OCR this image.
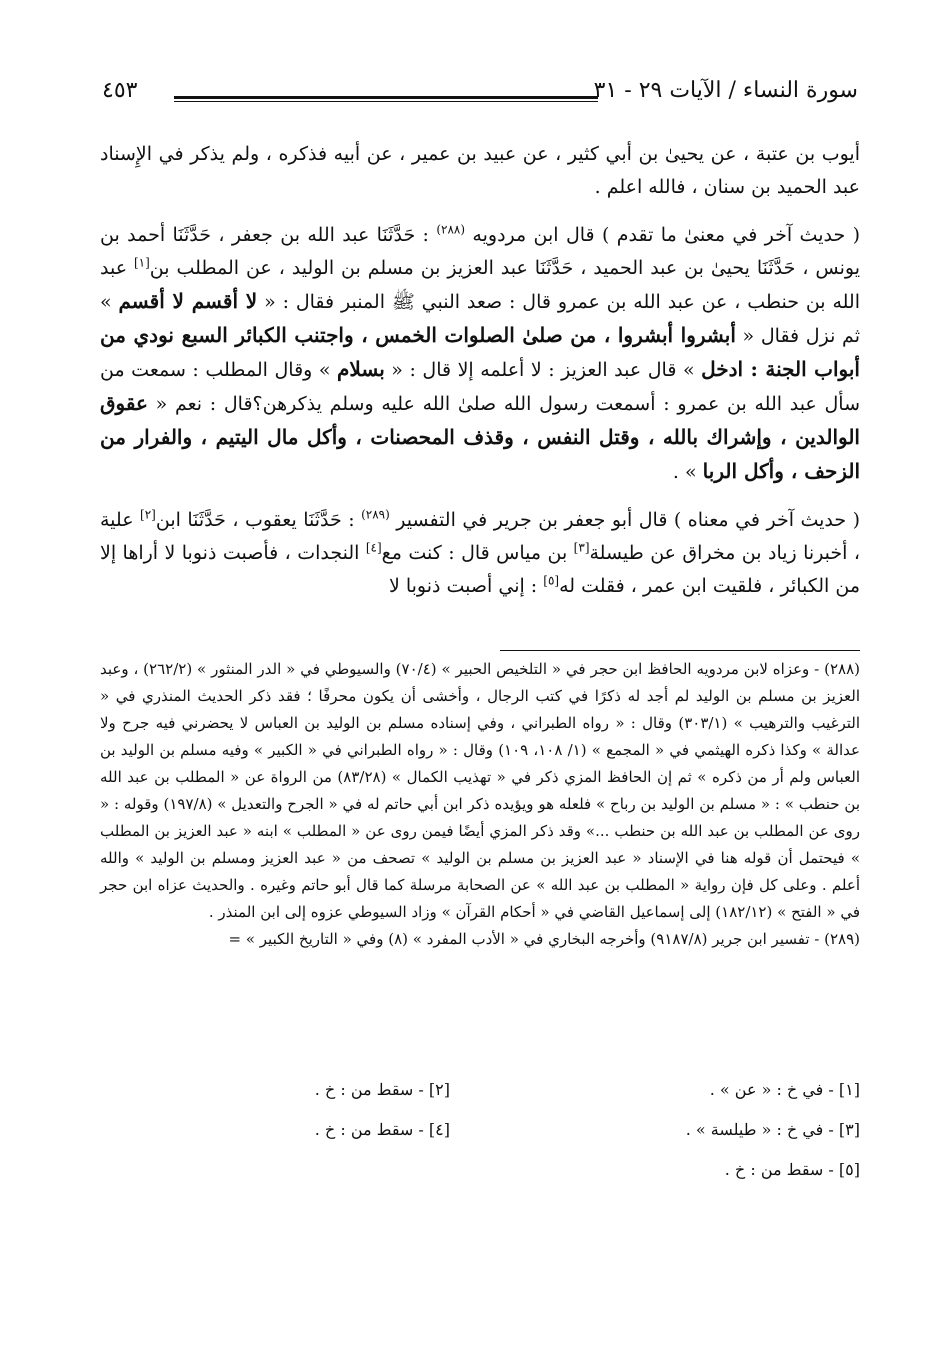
سورة النساء / الآيات ٢٩ - ٣١
٤٥٣

أيوب بن عتبة ، عن يحيىٰ بن أبي كثير ، عن عبيد بن عمير ، عن أبيه فذكره ، ولم يذكر في الإِسناد عبد الحميد بن سنان ، فالله اعلم .

( حديث آخر في معنىٰ ما تقدم ) قال ابن مردويه $^{(٢٨٨)}$ : حَدَّثَنَا عبد الله بن جعفر ، حَدَّثَنَا أحمد بن يونس ، حَدَّثَنَا يحيىٰ بن عبد الحميد ، حَدَّثَنَا عبد العزيز بن مسلم بن الوليد ، عن المطلب بن[١] عبد الله بن حنطب ، عن عبد الله بن عمرو قال : صعد النبي ﷺ المنبر فقال : « لا أقسم لا أقسم » ثم نزل فقال « أبشروا أبشروا ، من صلىٰ الصلوات الخمس ، واجتنب الكبائر السبع نودي من أبواب الجنة : ادخل » قال عبد العزيز : لا أعلمه إلا قال : « بسلام » وقال المطلب : سمعت من سأل عبد الله بن عمرو : أسمعت رسول الله صلىٰ الله عليه وسلم يذكرهن؟قال : نعم « عقوق الوالدين ، وإشراك بالله ، وقتل النفس ، وقذف المحصنات ، وأكل مال اليتيم ، والفرار من الزحف ، وأكل الربا » .

( حديث آخر في معناه ) قال أبو جعفر بن جرير في التفسير $^{(٢٨٩)}$ : حَدَّثَنَا يعقوب ، حَدَّثَنَا ابن[٢] علية ، أخبرنا زياد بن مخراق عن طيسلة[٣] بن مياس قال : كنت مع[٤] النجدات ، فأصبت ذنوبا لا أراها إلا من الكبائر ، فلقيت ابن عمر ، فقلت له[٥] : إني أصبت ذنوبا لا

(٢٨٨) - وعزاه لابن مردويه الحافظ ابن حجر في « التلخيص الحبير » (٧٠/٤) والسيوطي في « الدر المنثور » (٢٦٢/٢) ، وعبد العزيز بن مسلم بن الوليد لم أجد له ذكرًا في كتب الرجال ، وأخشى أن يكون محرفًا ؛ فقد ذكر الحديث المنذري في « الترغيب والترهيب » (٣٠٣/١) وقال : « رواه الطبراني ، وفي إسناده مسلم بن الوليد بن العباس لا يحضرني فيه جرح ولا عدالة » وكذا ذكره الهيثمي في « المجمع » (١/ ١٠٨، ١٠٩) وقال : « رواه الطبراني في « الكبير » وفيه مسلم بن الوليد بن العباس ولم أر من ذكره » ثم إن الحافظ المزي ذكر في « تهذيب الكمال » (٨٣/٢٨) من الرواة عن « المطلب بن عبد الله بن حنطب » : « مسلم بن الوليد بن رباح » فلعله هو ويؤيده ذكر ابن أبي حاتم له في « الجرح والتعديل » (١٩٧/٨) وقوله : « روى عن المطلب بن عبد الله بن حنطب ...» وقد ذكر المزي أيضًا فيمن روى عن « المطلب » ابنه « عبد العزيز بن المطلب » فيحتمل أن قوله هنا في الإسناد « عبد العزيز بن مسلم بن الوليد » تصحف من « عبد العزيز ومسلم بن الوليد » والله أعلم . وعلى كل فإن رواية « المطلب بن عبد الله » عن الصحابة مرسلة كما قال أبو حاتم وغيره . والحديث عزاه ابن حجر في « الفتح » (١٨٢/١٢) إلى إسماعيل القاضي في « أحكام القرآن » وزاد السيوطي عزوه إلى ابن المنذر .

(٢٨٩) - تفسير ابن جرير (٩١٨٧/٨) وأخرجه البخاري في « الأدب المفرد » (٨) وفي « التاريخ الكبير » =

[١] - في خ : « عن » .
[٢] - سقط من : خ .
[٣] - في خ : « طيلسة » .
[٤] - سقط من : خ .
[٥] - سقط من : خ .
